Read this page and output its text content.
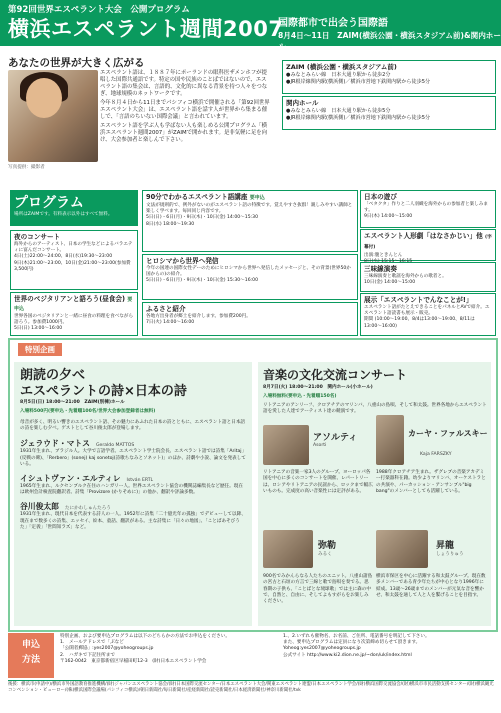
第92回世界エスペラント大会　公開プログラム
横浜エスペラント週間2007
国際都市で出会う国際語
8月4日〜11日　ZAIM(横浜公園・横浜スタジアム前)&関内ホール
あなたの世界が大きく広がる
写真提供：撮影者
エスペラント語は、１８８７年にポーランドの眼科医ザメンホフが提唱した国際共通語です。特定の国や民族のことばではないので、エスペラント語の集会は、言語的、文化的に異なる背景を持つ人々をつなぎ、地球規模のネットワークです。
今年８月４日から11日までパシフィコ横浜で開催される「第92回世界エスペラント大会」は、エスペラント語を話す人が世界から集まる催しで、「言語のちいない国際会議」と言われています。
エスペラント語を学ぶ人も学ばない人も楽しめる公開プログラム「横浜エスペラント週間2007」がZAIMで開かれます。是非気軽に足を向け、大会参加者と楽しんで下さい。
ZAIM (横浜公園・横浜スタジアム前)
●みなとみらい線　日本大通り駅から徒歩2分
●JR根岸線関内駅(横浜側)／横浜市営地下鉄関内駅から徒歩5分
関内ホール
●みなとみらい線　日本大通り駅から徒歩5分
●JR根岸線関内駅(横浜側)／横浜市営地下鉄関内駅から徒歩5分
プログラム
場所はZAIMです。有料表示以外はすべて無料。
夜のコンサート
海外からのアーティスト、日本の学生などによるバラエティに富んだコンサート。
4日(土)22:00〜24:00、8日(水)19:30〜23:00
9日(木)21:00〜23:00、10日(金)21:00〜23:00(参加費3,500円)
世界のベジタリアンと語ろう(昼食会) 要申込
世界各国のベジタリアンと一緒に昼食の料理を食べながら語ろう。参加費1000円。
5日(日) 13:00〜16:00
90分でわかるエスペラント語講座 要申込
文法が規則的で、例外がないのがエスペラント語の特徴です。覚えやすさ抜群！親しみやすい講師と楽しく学べます。毎回同じ内容です。
5日(日)・6日(月)・9日(木)・10日(金) 14:00〜15:30
8日(水) 18:00〜19:30
ヒロシマから世界へ発信
今年の国連の国際女性デーのためにヒロシマから世界へ発信したメッセージと、その背景(世界50か国からの)の紹介。
5日(日)・6日(月)・9日(木)・10日(金) 15:30〜16:00
ふるさと紹介
各地方出身者が郷土を紹介します。参加費200円。
7日(火) 14:00〜16:00
日本の遊び
「ベタクタ」作りと二人羽織を海外からの参加者と楽しみます。
9日(木) 14:00〜15:00
エスペラント人形劇「はなさかじい」他 (字幕付)
出演:腹ときんとん
8日(水) 15:15〜16:15
三味線演奏
三味線演奏と歌謡を海外からの歌者と。
10日(金) 14:00〜15:00
展示「エスペラントでんなことが!」
エスペラント語がたとえできることをパネルとAVで紹介。エスペラント語読書も展示・販売。
期間 (10:00〜19:00、8/4は13:00〜19:00、8/11は13:00〜16:00)
特別企画
朗読の夕べ
エスペラントの詩×日本の詩
8月5日(日) 18:00〜21:00　ZAIM(別棟)ホール
入場料500円(要申込・先着順100名/世界大会参加登録者は無料)
母音が多く、明るい響きのエスペラント語、その魅力にあふれた日本の詩とともに、エスペラント語と日本語の詩を楽しむ夕べ。ゲストとして谷川俊太郎が登場します。
ジェラウド・マトス Geraldo MATTOS
1931年生まれ、ブラジル人。大学で言語学者。エスペラント学士院会長、エスペラント語では詩集「Aritaj」(反戦の碑)、「Rerbero」(sonej) kaj sonetoj(詩歌ちなみとソネット)」のほか、詩劇や小説、論文を発表している。
イシュトヴァン・エルティレ István ERTL
1965年生まれ、ルクセンブルク在住のハンガリー人。世界エスペラント協会の機関誌編集長など歴任。現在は欧州会計検査院翻訳者。詩集「Provizore (かりそめに)」の他か、翻訳や評論多数。
谷川俊太郎 たにかわしゅんたろう
1931年生まれ、現代日本を代表する詩人の一人。1952年に詩集「二十億光年の孤独」でデビューして以降、現在まで数多くの詩集、エッセイ、絵本、童話、翻訳がある。主な詩集に「日々の地図」、「ことばあそびうた」「定義」「世間知ラズ」など。
音楽の文化交流コンサート
8月7日(火) 18:00〜21:00　関内ホール(小ホール)
入場料無料(要申込・先着順150名)
リトアニアのアンリーフ、クロアチアのマリンバ、八重山の島唄、そして和太鼓。世界各地からエスペラント語を愛した人達でアーティスト達の競演です。
アソルティ
Asorti
リトアニアの音楽一家3人のグループ。ヨーロッパ各国を中心に多くのコンサートを開催、レパートリーは、ロシアやリトアニアの民謡から、ロックまで幅広いものも。完成度の高い音楽性には定評がある。
カーヤ・ファルスキー
Kaja FARSZKY
1988年クロアチア生まれ。ザグレブの音楽アカデミー打楽器科在籍。幼少よりマリンバ、オーケストラとの共演や、パーカッション・アンサンブル"big bang"のメンバーとしても活躍している。
弥勒
みるく
900名でみかんらなる人たちのユニット。八重山諸島の宮古と石垣の方言で三線と歌で島唄を奏でる。思春期の子供も、「ことばとな琉球歌」では主に森の中で、自然と、自由に、そしてよもすがらをお楽しみください。
昇龍
しょうりゅう
横浜市保区を中心に活躍する和太鼓グループ。現在数多メンバーである青少年たちが中心となり1996年に結成。13歳〜26歳までのメンバーが元気な音を響かせ、和太鼓を通して人と人を繋げることを目指す。
申込
方法
特別企画、および要申込プログラムは以下のどちらかの方法でお申込をください。
1.　メールアドレスで「ぶなど
「公開者郵協」:yes2007@yoheogroups.jp
2.　ハガキで下記住所まで
〒162-0042　東京都新宿区早稲田町12-3　(財)日本エスペラント学会
1.、2.いずれも催物名、お名前、ご住所、電話番号を明記して下さい。
また、要申込プログラムは定員になり次第締め切らせて頂きます。
Yoheog:yes2007@yoheogroups.jp
公式サイト http://www.ki2.dion.ne.jp/~don/uk/index.html
後援：横浜市(申請中)/横浜市外国語教育推進機構/(財)ジャパンエスペラント協会/(財)日本国際交流センター/日本エスペラント大会/関東エスペラント連盟/日本エスペラント学会/(財)横浜国際交流協会/(財)横浜市市民活動支援センター/(財)横浜観光コンベンション・ビューロー/(株)横浜国際会議場(パシフィコ横浜)/朝日新聞社/毎日新聞社/産経新聞社/読売新聞社/日本経済新聞社/神奈川新聞社/tvk
